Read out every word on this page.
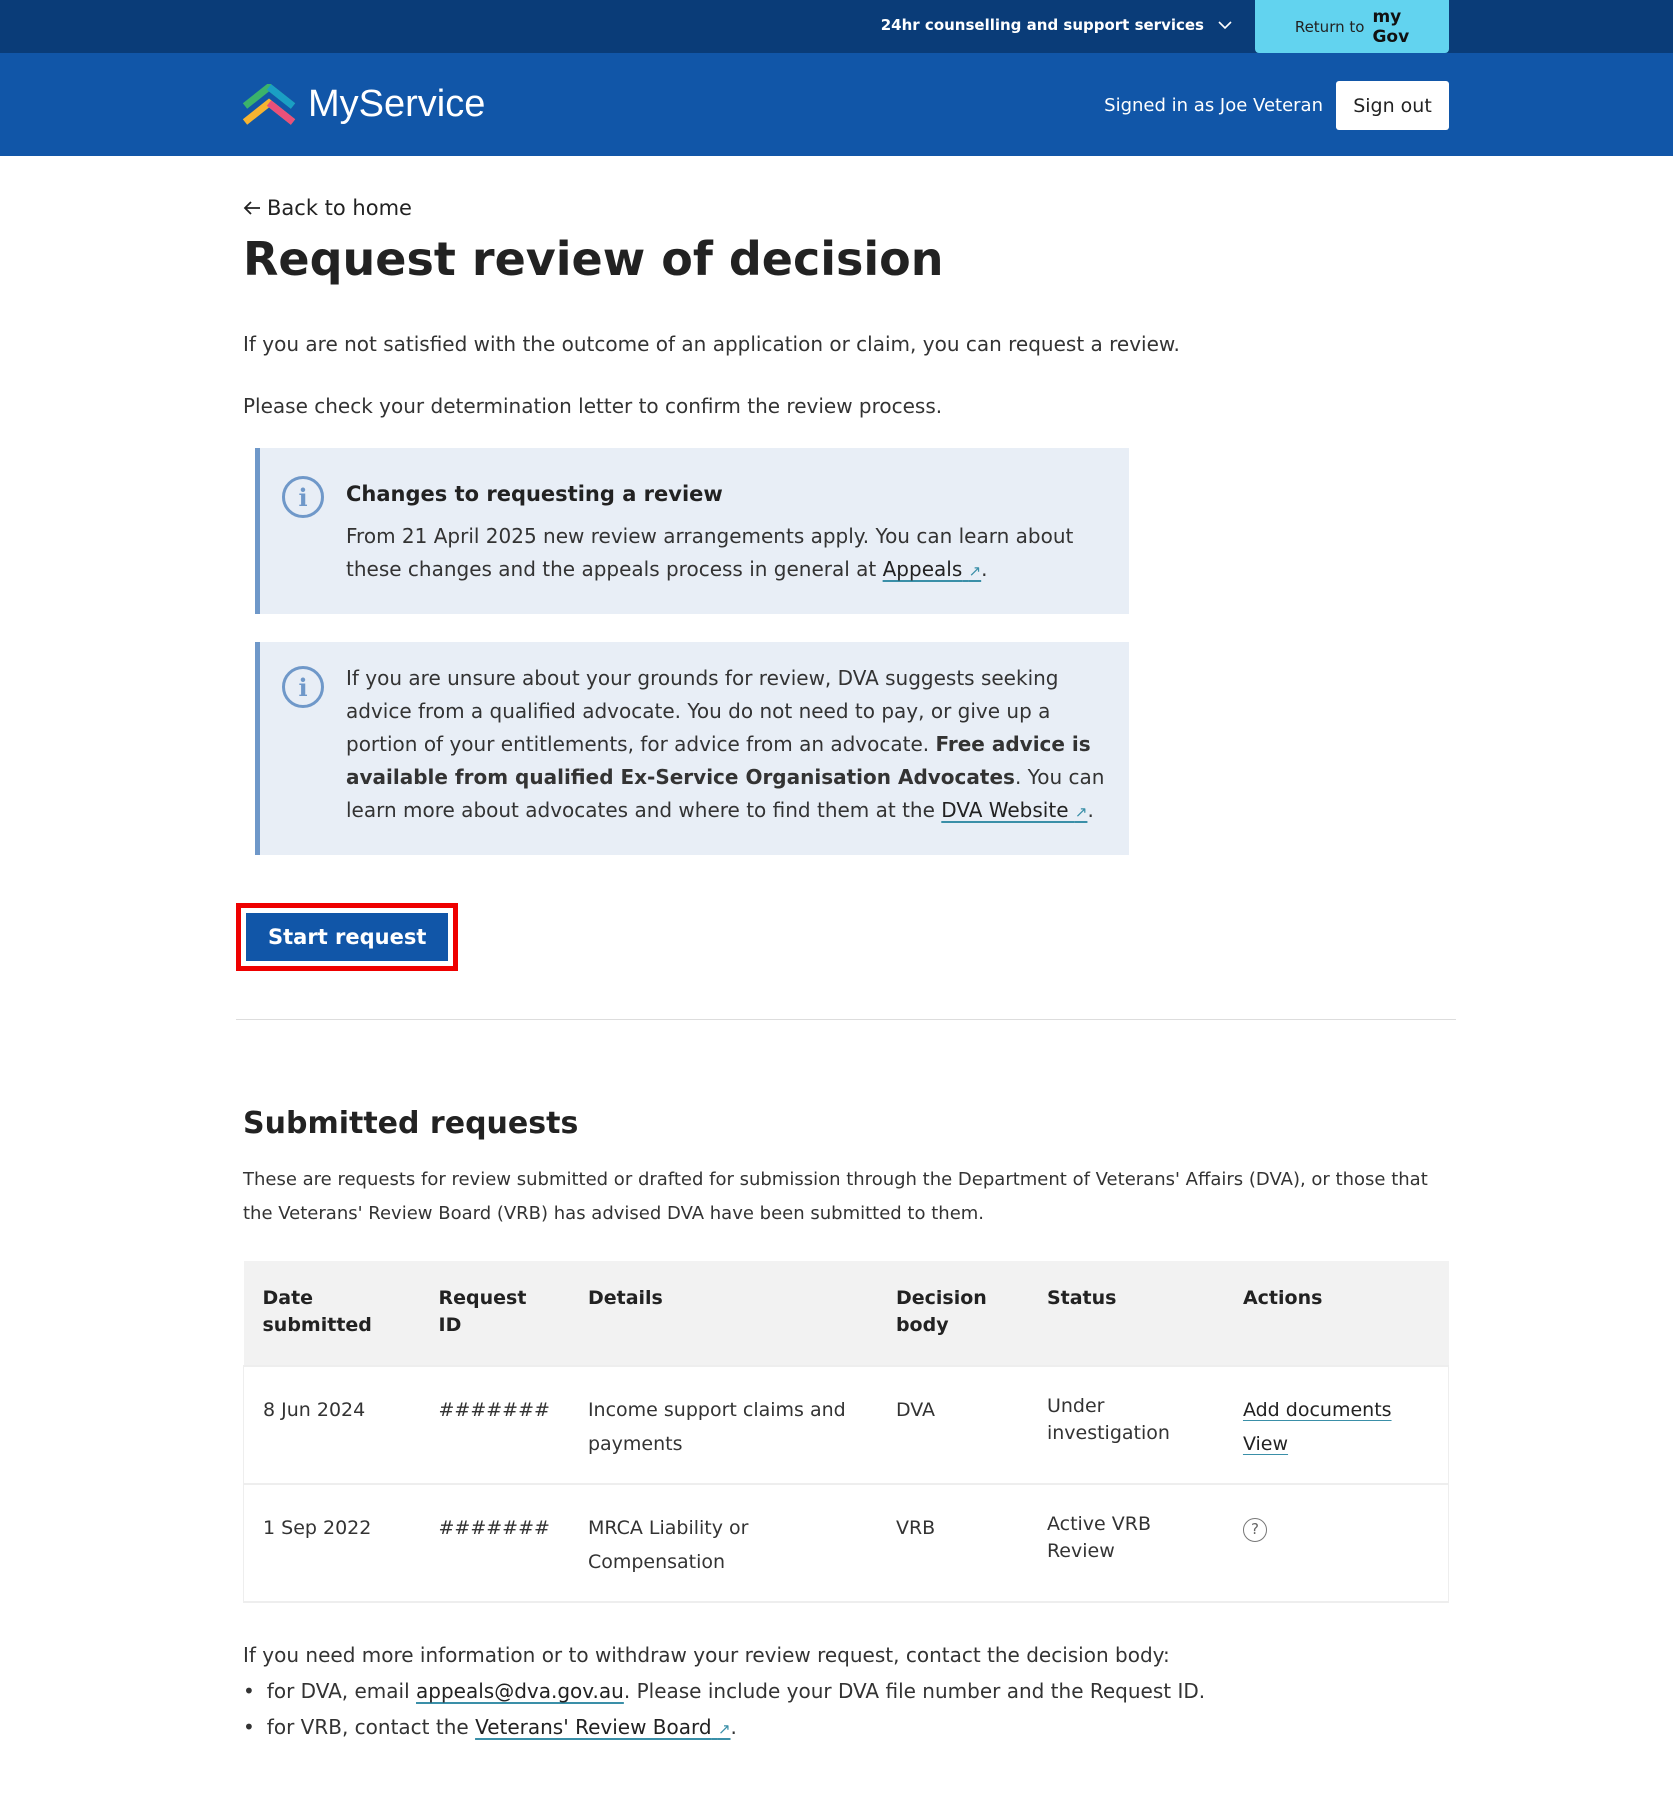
24hr counselling and support services	Return to my
Gov
MyService	Signed in as Joe Veteran	Sign out
Back to home
Request review of decision

If you are not satisfied with the outcome of an application or claim, you can request a review.

Please check your determination letter to confirm the review process.

i	Changes to requesting a review

From 21 April 2025 new review arrangements apply. You can learn about these changes and the appeals process in general at Appeals ↗.

i	If you are unsure about your grounds for review, DVA suggests seeking advice from a qualified advocate. You do not need to pay, or give up a portion of your entitlements, for advice from an advocate. Free advice is available from qualified Ex-Service Organisation Advocates. You can learn more about advocates and where to find them at the DVA Website ↗.

Start request
Submitted requests

These are requests for review submitted or drafted for submission through the Department of Veterans' Affairs (DVA), or those that the Veterans' Review Board (VRB) has advised DVA have been submitted to them.

Date submitted	Request ID	Details	Decision body	Status	Actions
8 Jun 2024	#######	Income support claims and payments	DVA	Under investigation	Add documents
View
1 Sep 2022	#######	MRCA Liability or Compensation	VRB	Active VRB Review	?

If you need more information or to withdraw your review request, contact the decision body:

• for DVA, email appeals@dva.gov.au. Please include your DVA file number and the Request ID.
• for VRB, contact the Veterans' Review Board ↗.
